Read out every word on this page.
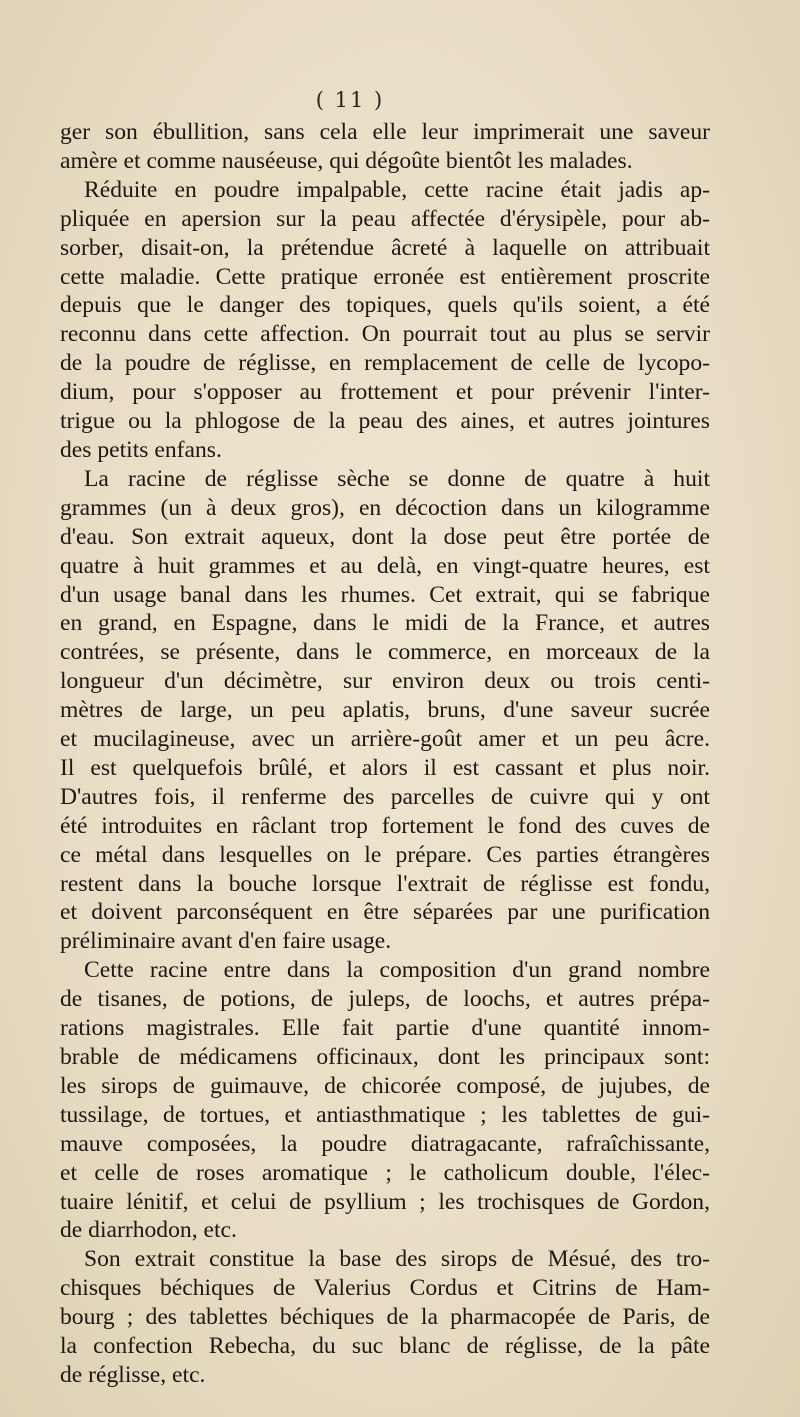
( 11 )
ger son ébullition, sans cela elle leur imprimerait une saveur
amère et comme nauséeuse, qui dégoûte bientôt les malades.
Réduite en poudre impalpable, cette racine était jadis ap-
pliquée en apersion sur la peau affectée d'érysipèle, pour ab-
sorber, disait-on, la prétendue âcreté à laquelle on attribuait
cette maladie. Cette pratique erronée est entièrement proscrite
depuis que le danger des topiques, quels qu'ils soient, a été
reconnu dans cette affection. On pourrait tout au plus se servir
de la poudre de réglisse, en remplacement de celle de lycopo-
dium, pour s'opposer au frottement et pour prévenir l'inter-
trigue ou la phlogose de la peau des aines, et autres jointures
des petits enfans.
La racine de réglisse sèche se donne de quatre à huit
grammes (un à deux gros), en décoction dans un kilogramme
d'eau. Son extrait aqueux, dont la dose peut être portée de
quatre à huit grammes et au delà, en vingt-quatre heures, est
d'un usage banal dans les rhumes. Cet extrait, qui se fabrique
en grand, en Espagne, dans le midi de la France, et autres
contrées, se présente, dans le commerce, en morceaux de la
longueur d'un décimètre, sur environ deux ou trois centi-
mètres de large, un peu aplatis, bruns, d'une saveur sucrée
et mucilagineuse, avec un arrière-goût amer et un peu âcre.
Il est quelquefois brûlé, et alors il est cassant et plus noir.
D'autres fois, il renferme des parcelles de cuivre qui y ont
été introduites en râclant trop fortement le fond des cuves de
ce métal dans lesquelles on le prépare. Ces parties étrangères
restent dans la bouche lorsque l'extrait de réglisse est fondu,
et doivent parconséquent en être séparées par une purification
préliminaire avant d'en faire usage.
Cette racine entre dans la composition d'un grand nombre
de tisanes, de potions, de juleps, de loochs, et autres prépa-
rations magistrales. Elle fait partie d'une quantité innom-
brable de médicamens officinaux, dont les principaux sont:
les sirops de guimauve, de chicorée composé, de jujubes, de
tussilage, de tortues, et antiasthmatique ; les tablettes de gui-
mauve composées, la poudre diatragacante, rafraîchissante,
et celle de roses aromatique ; le catholicum double, l'élec-
tuaire lénitif, et celui de psyllium ; les trochisques de Gordon,
de diarrhodon, etc.
Son extrait constitue la base des sirops de Mésué, des tro-
chisques béchiques de Valerius Cordus et Citrins de Ham-
bourg ; des tablettes béchiques de la pharmacopée de Paris, de
la confection Rebecha, du suc blanc de réglisse, de la pâte
de réglisse, etc.
